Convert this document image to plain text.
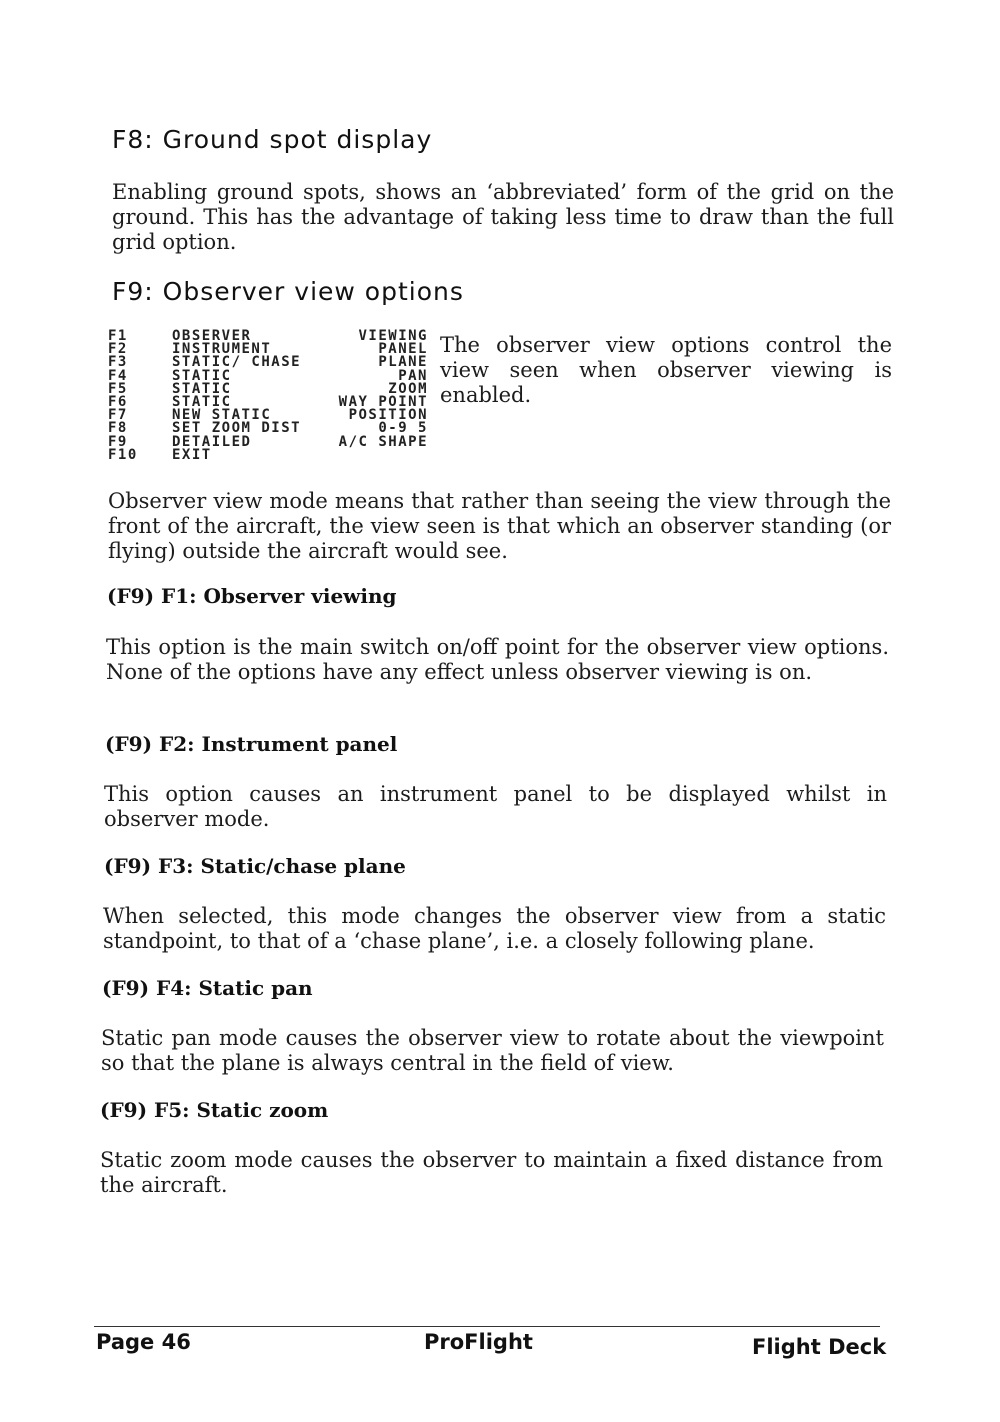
F8: Ground spot display

Enabling ground spots, shows an ‘abbreviated’ form of the grid on the ground. This has the advantage of taking less time to draw than the full grid option.

F9: Observer view options
F1	OBSERVER	VIEWING
F2	INSTRUMENT	PANEL
F3	STATIC/ CHASE	PLANE
F4	STATIC	PAN
F5	STATIC	ZOOM
F6	STATIC	WAY POINT
F7	NEW STATIC	POSITION
F8	SET ZOOM DIST	0-9 5
F9	DETAILED	A/C SHAPE
F10	EXIT

The observer view options control the view seen when observer viewing is enabled.

Observer view mode means that rather than seeing the view through the front of the aircraft, the view seen is that which an observer standing (or flying) outside the aircraft would see.

(F9) F1: Observer viewing

This option is the main switch on/off point for the observer view options. None of the options have any effect unless observer viewing is on.

(F9) F2: Instrument panel

This option causes an instrument panel to be displayed whilst in observer mode.

(F9) F3: Static/chase plane

When selected, this mode changes the observer view from a static standpoint, to that of a ‘chase plane’, i.e. a closely following plane.

(F9) F4: Static pan

Static pan mode causes the observer view to rotate about the viewpoint so that the plane is always central in the field of view.

(F9) F5: Static zoom

Static zoom mode causes the observer to maintain a fixed distance from the aircraft.

Page 46	ProFlight	Flight Deck
